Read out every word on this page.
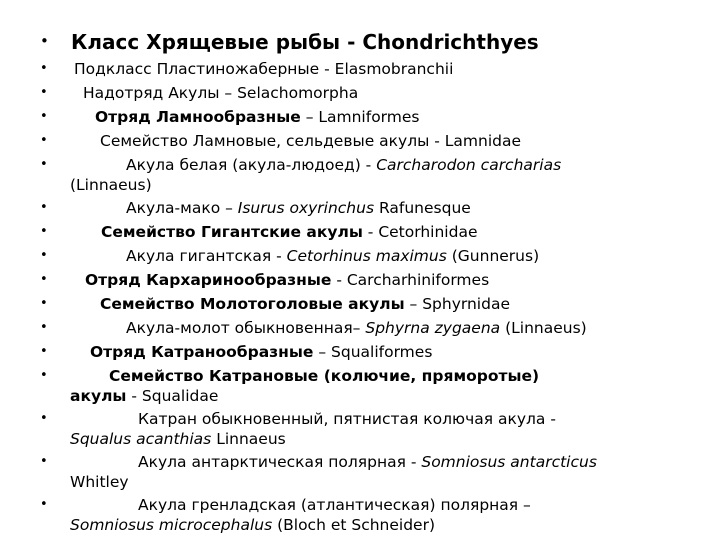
• Класс Хрящевые рыбы - Chondrichthyes
• Подкласс Пластиножаберные - Elasmobranchii
• Надотряд Акулы – Selachomorpha
•	Отряд Ламнообразные – Lamniformes
•	Семейство Ламновые, сельдевые акулы - Lamnidae
•	Акула белая (акула-людоед) - Carcharodon carcharias
(Linnaeus)
•	Акула-мако – Isurus oxyrinchus Rafunesque
•	Семейство Гигантские акулы - Cetorhinidae
•	Акула гигантская - Cetorhinus maximus (Gunnerus)
• Отряд Кархаринообразные - Carcharhiniformes
•	Семейство Молотоголовые акулы – Sphyrnidae
•	Акула-молот обыкновенная– Sphyrna zygaena (Linnaeus)
•	Отряд Катранообразные – Squaliformes
•	Семейство Катрановые (колючие, пряморотые)
акулы - Squalidae
•	Катран обыкновенный, пятнистая колючая акула -
Squalus acanthias Linnaeus
•	Акула антарктическая полярная - Somniosus antarcticus
Whitley
•	Акула гренладская (атлантическая) полярная –
Somniosus microcephalus (Bloch et Schneider)
